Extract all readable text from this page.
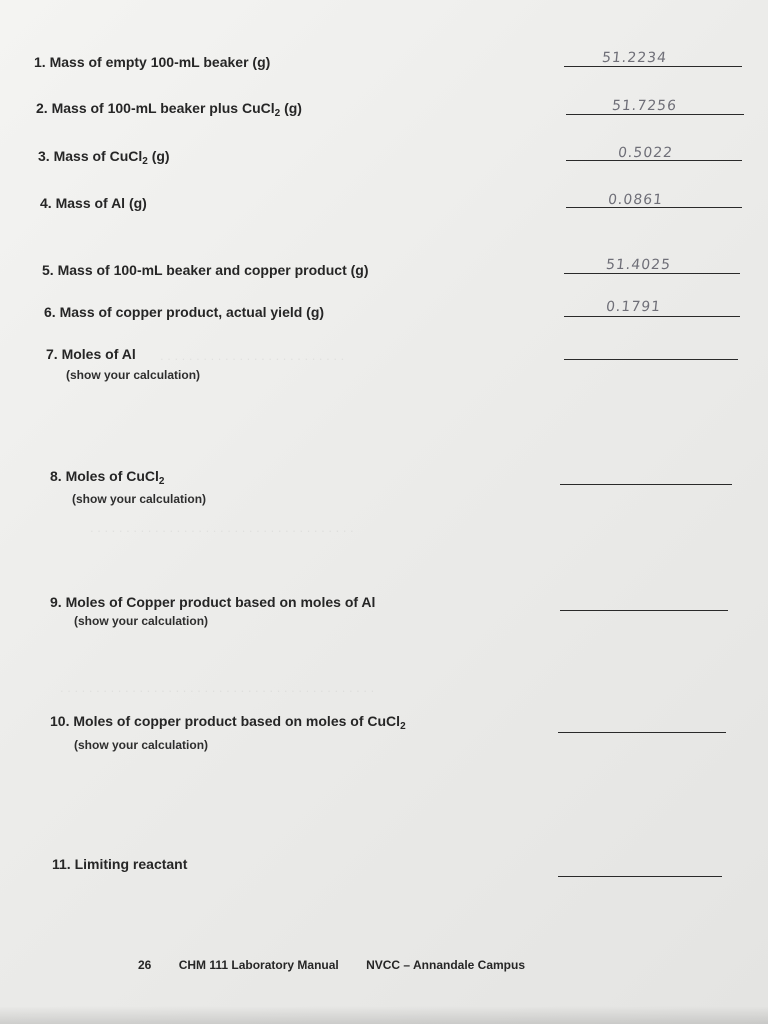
. . . . . . . . . . . . . . . . . . . . . . . . . .
. . . . . . . . . . . . . . . . . . . . . . . . . . . . . . . . . . . . .
. . . . . . . . . . . . . . . . . . . . . . . . . . . . . . . . . . . . . . . . . . . .
1. Mass of empty 100-mL beaker (g)	51.2234
2. Mass of 100-mL beaker plus CuCl$_2$ (g)	51.7256
3. Mass of CuCl$_2$ (g)	0.5022
4. Mass of Al (g)	0.0861
5. Mass of 100-mL beaker and copper product (g)	51.4025
6. Mass of copper product, actual yield (g)	0.1791
7. Moles of Al
(show your calculation)
8. Moles of CuCl$_2$
(show your calculation)
9. Moles of Copper product based on moles of Al
(show your calculation)
10. Moles of copper product based on moles of CuCl$_2$
(show your calculation)
11. Limiting reactant
26 CHM 111 Laboratory Manual NVCC – Annandale Campus
